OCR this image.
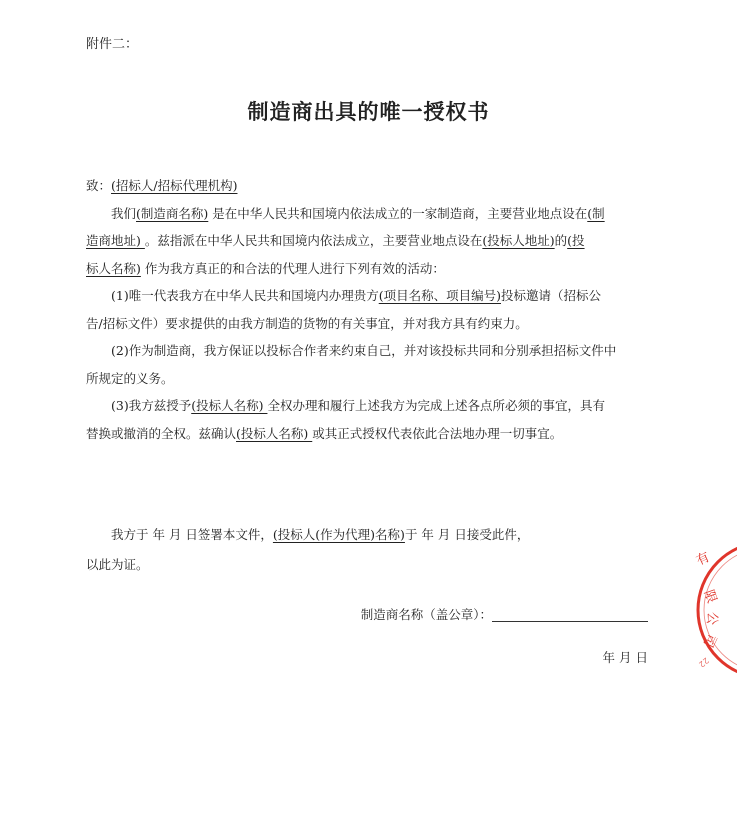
附件二：
制造商出具的唯一授权书
致：(招标人/招标代理机构)
我们(制造商名称) 是在中华人民共和国境内依法成立的一家制造商，主要营业地点设在(制
造商地址) 。兹指派在中华人民共和国境内依法成立，主要营业地点设在(投标人地址)的(投
标人名称) 作为我方真正的和合法的代理人进行下列有效的活动：
(1)唯一代表我方在中华人民共和国境内办理贵方(项目名称、项目编号)投标邀请（招标公
告/招标文件）要求提供的由我方制造的货物的有关事宜，并对我方具有约束力。
(2)作为制造商，我方保证以投标合作者来约束自己，并对该投标共同和分别承担招标文件中
所规定的义务。
(3)我方兹授予(投标人名称) 全权办理和履行上述我方为完成上述各点所必须的事宜，具有
替换或撤消的全权。兹确认(投标人名称) 或其正式授权代表依此合法地办理一切事宜。
我方于 年 月 日签署本文件，(投标人(作为代理)名称)于 年 月 日接受此件，
以此为证。
制造商名称（盖公章）：
年 月 日
有
限
公
司
22
